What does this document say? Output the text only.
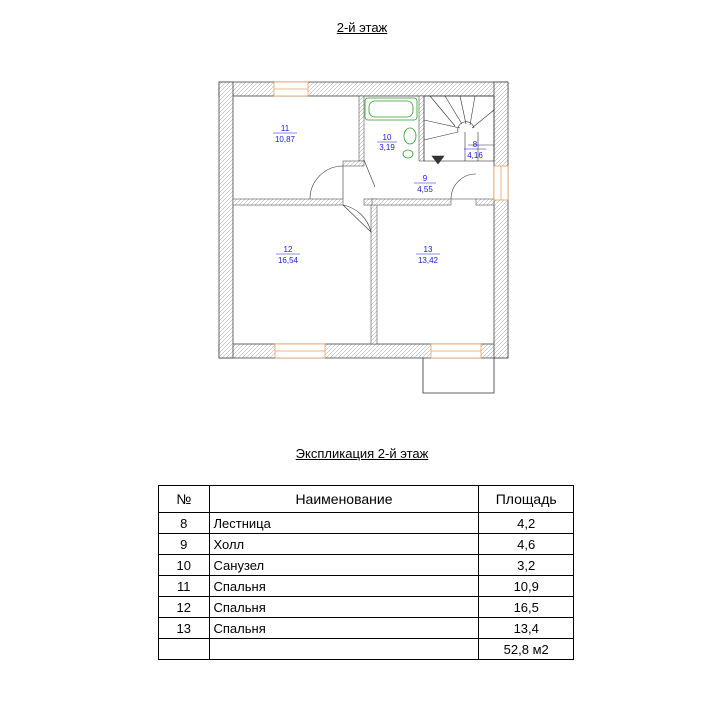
2-й этаж
11
10,87	10
3,19	8
4,16
9
4,55
12
16,54
13
13,42
Экспликация 2-й этаж
№	Наименование	Площадь
8	Лестница	4,2
9	Холл	4,6
10	Санузел	3,2
11	Спальня	10,9
12	Спальня	16,5
13	Спальня	13,4
		52,8 м2
